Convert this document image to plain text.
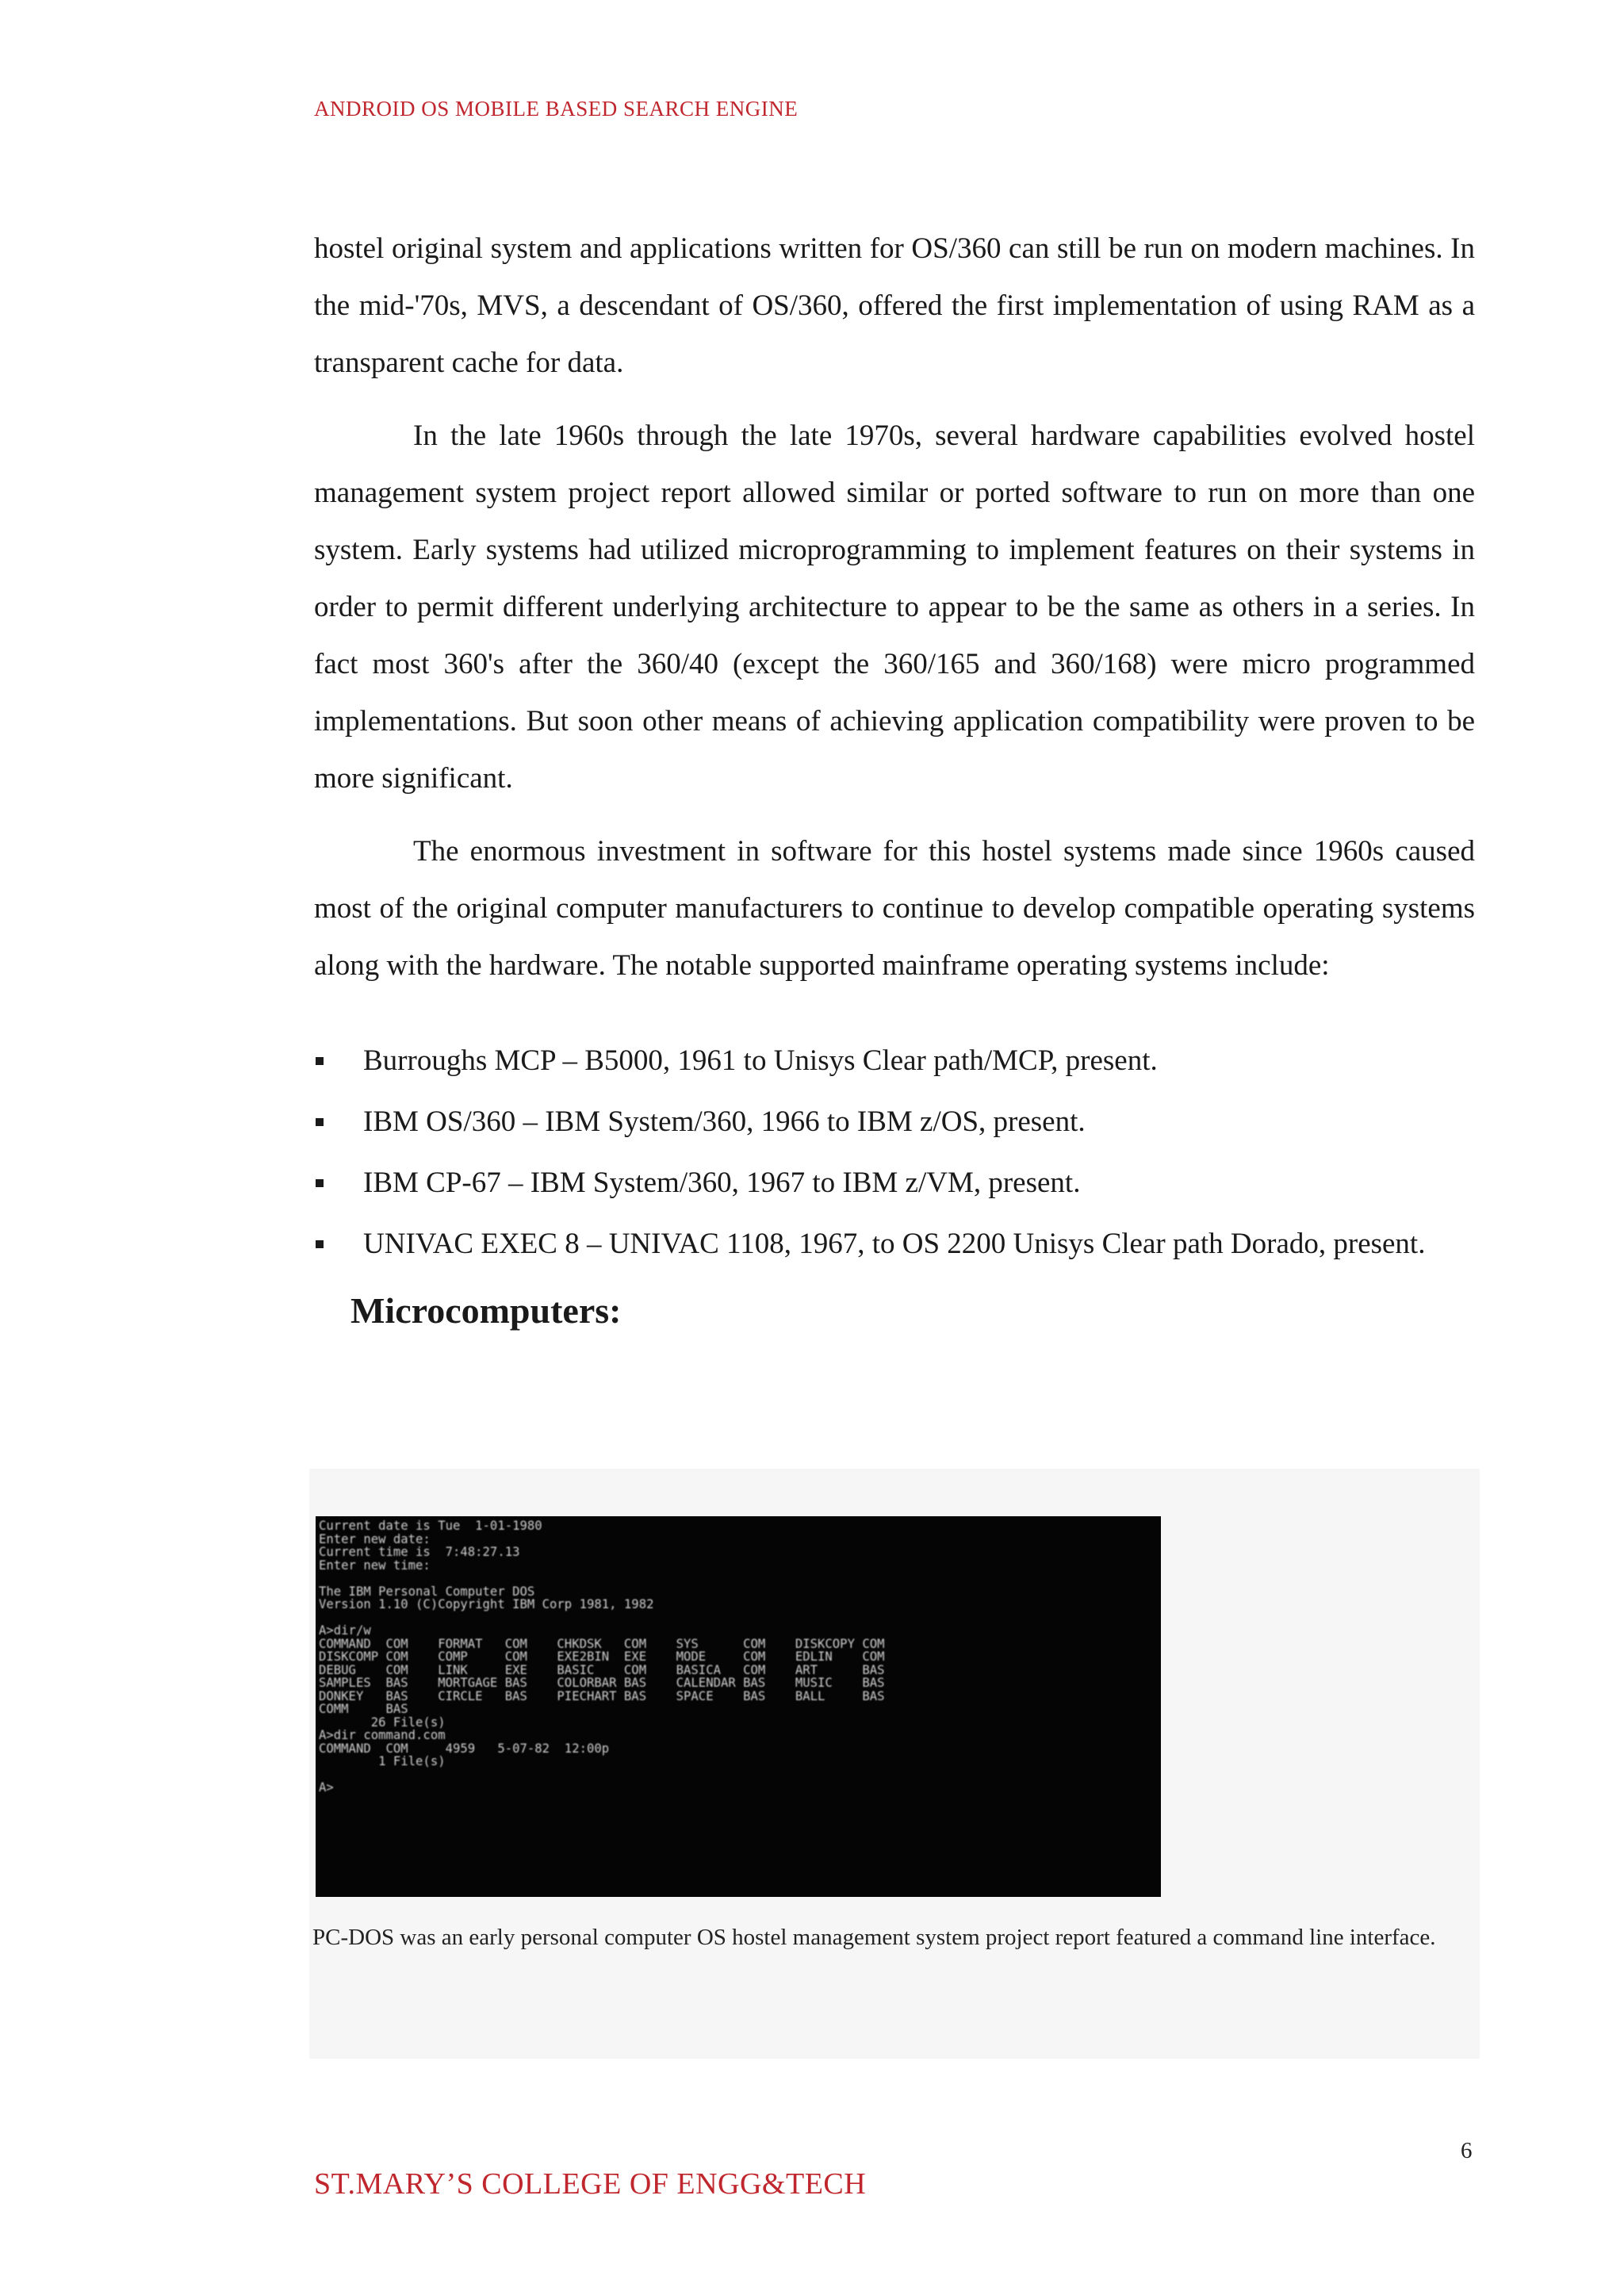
ANDROID OS MOBILE BASED SEARCH ENGINE

hostel original system and applications written for OS/360 can still be run on modern machines. In the mid-'70s, MVS, a descendant of OS/360, offered the first implementation of using RAM as a transparent cache for data.

In the late 1960s through the late 1970s, several hardware capabilities evolved hostel management system project report allowed similar or ported software to run on more than one system. Early systems had utilized microprogramming to implement features on their systems in order to permit different underlying architecture to appear to be the same as others in a series. In fact most 360's after the 360/40 (except the 360/165 and 360/168) were micro programmed implementations. But soon other means of achieving application compatibility were proven to be more significant.

The enormous investment in software for this hostel systems made since 1960s caused most of the original computer manufacturers to continue to develop compatible operating systems along with the hardware. The notable supported mainframe operating systems include:

Burroughs MCP – B5000, 1961 to Unisys Clear path/MCP, present.
IBM OS/360 – IBM System/360, 1966 to IBM z/OS, present.
IBM CP-67 – IBM System/360, 1967 to IBM z/VM, present.
UNIVAC EXEC 8 – UNIVAC 1108, 1967, to OS 2200 Unisys Clear path Dorado, present.
Microcomputers:
Current date is Tue  1-01-1980
Enter new date:
Current time is  7:48:27.13
Enter new time:

The IBM Personal Computer DOS
Version 1.10 (C)Copyright IBM Corp 1981, 1982

A>dir/w
COMMAND  COM    FORMAT   COM    CHKDSK   COM    SYS      COM    DISKCOPY COM
DISKCOMP COM    COMP     COM    EXE2BIN  EXE    MODE     COM    EDLIN    COM
DEBUG    COM    LINK     EXE    BASIC    COM    BASICA   COM    ART      BAS
SAMPLES  BAS    MORTGAGE BAS    COLORBAR BAS    CALENDAR BAS    MUSIC    BAS
DONKEY   BAS    CIRCLE   BAS    PIECHART BAS    SPACE    BAS    BALL     BAS
COMM     BAS
26 File(s)
A>dir command.com
COMMAND  COM     4959   5-07-82  12:00p
1 File(s)

A>
PC-DOS was an early personal computer OS hostel management system project report featured a command line interface.
6
ST.MARY’S COLLEGE OF ENGG&TECH
